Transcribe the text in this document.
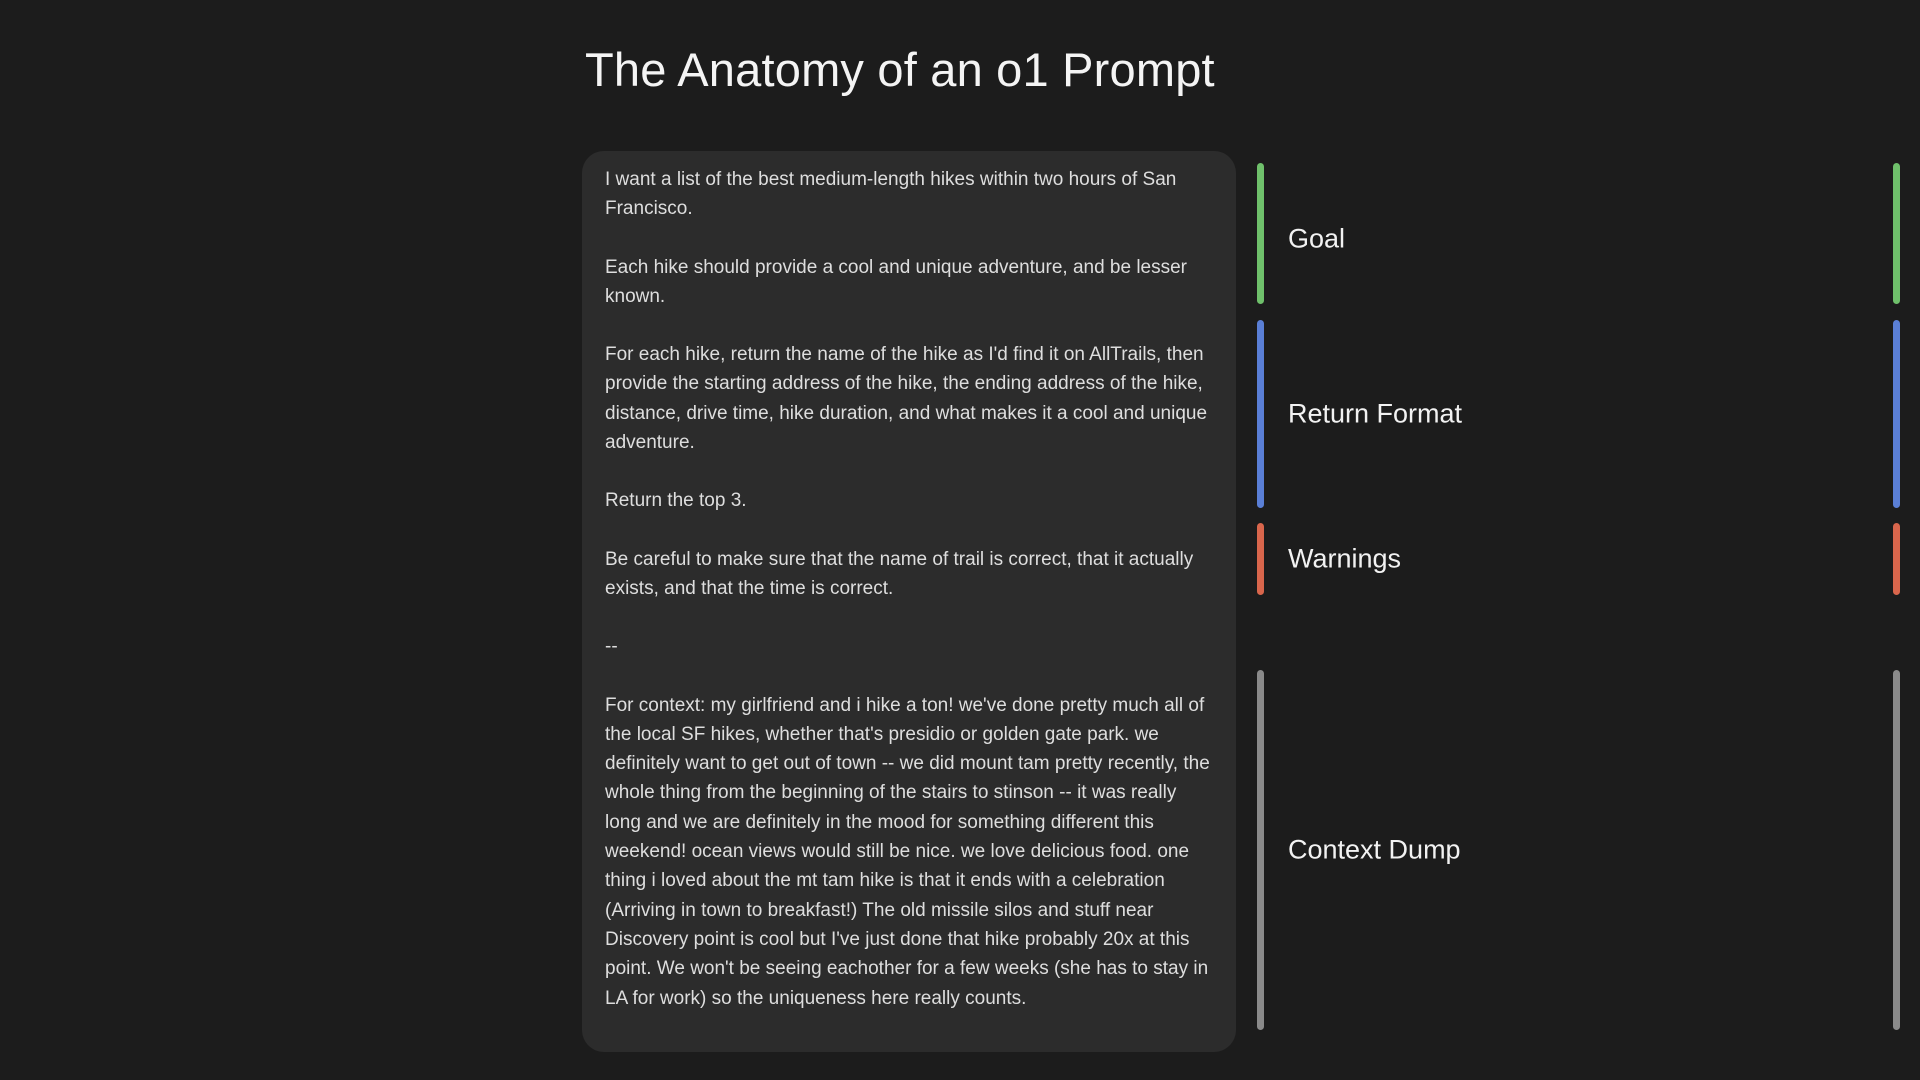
The Anatomy of an o1 Prompt

I want a list of the best medium-length hikes within two hours of San Francisco.

Each hike should provide a cool and unique adventure, and be lesser known.

For each hike, return the name of the hike as I'd find it on AllTrails, then provide the starting address of the hike, the ending address of the hike, distance, drive time, hike duration, and what makes it a cool and unique adventure.

Return the top 3.

Be careful to make sure that the name of trail is correct, that it actually exists, and that the time is correct.

--

For context: my girlfriend and i hike a ton! we've done pretty much all of the local SF hikes, whether that's presidio or golden gate park. we definitely want to get out of town -- we did mount tam pretty recently, the whole thing from the beginning of the stairs to stinson -- it was really long and we are definitely in the mood for something different this weekend! ocean views would still be nice. we love delicious food. one thing i loved about the mt tam hike is that it ends with a celebration (Arriving in town to breakfast!) The old missile silos and stuff near Discovery point is cool but I've just done that hike probably 20x at this point. We won't be seeing eachother for a few weeks (she has to stay in LA for work) so the uniqueness here really counts.

Goal
Return Format
Warnings
Context Dump
